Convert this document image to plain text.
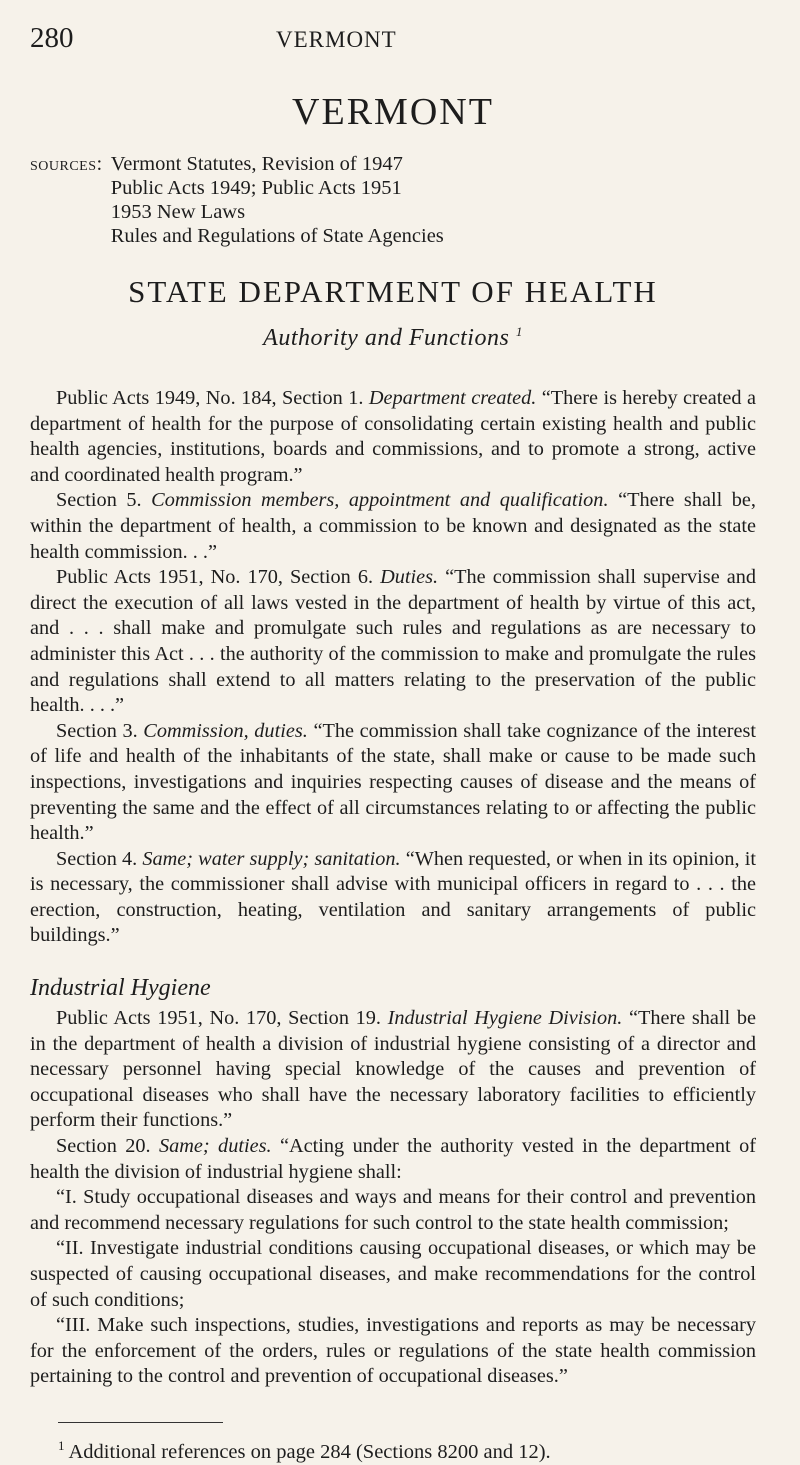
280	VERMONT
VERMONT
sources: Vermont Statutes, Revision of 1947
Public Acts 1949; Public Acts 1951
1953 New Laws
Rules and Regulations of State Agencies
STATE DEPARTMENT OF HEALTH
Authority and Functions $^1$

Public Acts 1949, No. 184, Section 1. Department created. “There is hereby created a department of health for the purpose of consolidating certain existing health and public health agencies, institutions, boards and commissions, and to promote a strong, active and coordinated health program.”

Section 5. Commission members, appointment and qualification. “There shall be, within the department of health, a commission to be known and designated as the state health commission. . .”

Public Acts 1951, No. 170, Section 6. Duties. “The commission shall supervise and direct the execution of all laws vested in the department of health by virtue of this act, and . . . shall make and promulgate such rules and regulations as are necessary to administer this Act . . . the authority of the commission to make and promulgate the rules and regulations shall extend to all matters relating to the preservation of the public health. . . .”

Section 3. Commission, duties. “The commission shall take cognizance of the interest of life and health of the inhabitants of the state, shall make or cause to be made such inspections, investigations and inquiries respecting causes of disease and the means of preventing the same and the effect of all circumstances relating to or affecting the public health.”

Section 4. Same; water supply; sanitation. “When requested, or when in its opinion, it is necessary, the commissioner shall advise with municipal officers in regard to . . . the erection, construction, heating, ventilation and sanitary arrangements of public buildings.”

Industrial Hygiene

Public Acts 1951, No. 170, Section 19. Industrial Hygiene Division. “There shall be in the department of health a division of industrial hygiene consisting of a director and necessary personnel having special knowledge of the causes and prevention of occupational diseases who shall have the necessary laboratory facilities to efficiently perform their functions.”

Section 20. Same; duties. “Acting under the authority vested in the department of health the division of industrial hygiene shall:

“I. Study occupational diseases and ways and means for their control and prevention and recommend necessary regulations for such control to the state health commission;

“II. Investigate industrial conditions causing occupational diseases, or which may be suspected of causing occupational diseases, and make recommendations for the control of such conditions;

“III. Make such inspections, studies, investigations and reports as may be necessary for the enforcement of the orders, rules or regulations of the state health commission pertaining to the control and prevention of occupational diseases.”

$^1$ Additional references on page 284 (Sections 8200 and 12).
